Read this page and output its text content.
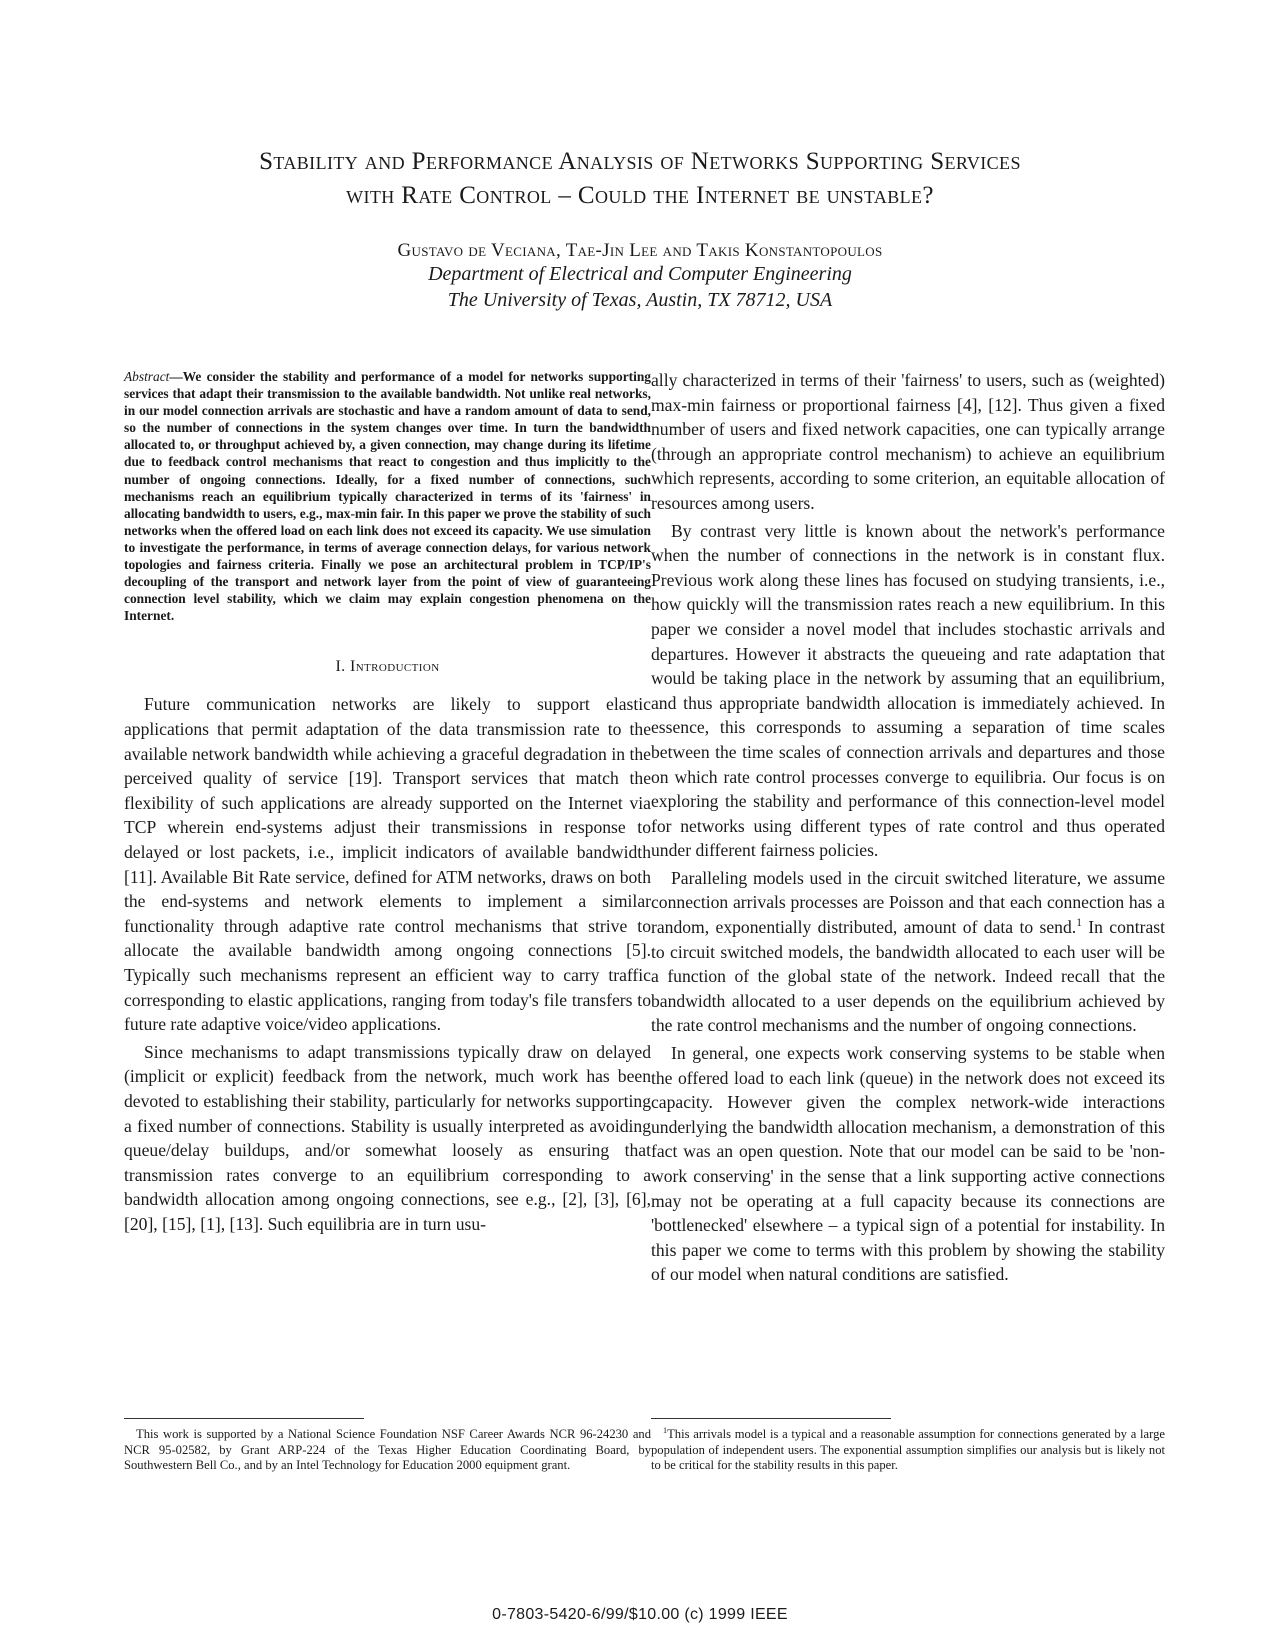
Stability and Performance Analysis of Networks Supporting Services
with Rate Control – Could the Internet be unstable?
Gustavo de Veciana, Tae-Jin Lee and Takis Konstantopoulos
Department of Electrical and Computer Engineering
The University of Texas, Austin, TX 78712, USA

Abstract—We consider the stability and performance of a model for networks supporting services that adapt their transmission to the available bandwidth. Not unlike real networks, in our model connection arrivals are stochastic and have a random amount of data to send, so the number of connections in the system changes over time. In turn the bandwidth allocated to, or throughput achieved by, a given connection, may change during its lifetime due to feedback control mechanisms that react to congestion and thus implicitly to the number of ongoing connections. Ideally, for a fixed number of connections, such mechanisms reach an equilibrium typically characterized in terms of its 'fairness' in allocating bandwidth to users, e.g., max-min fair. In this paper we prove the stability of such networks when the offered load on each link does not exceed its capacity. We use simulation to investigate the performance, in terms of average connection delays, for various network topologies and fairness criteria. Finally we pose an architectural problem in TCP/IP's decoupling of the transport and network layer from the point of view of guaranteeing connection level stability, which we claim may explain congestion phenomena on the Internet.

I. Introduction

Future communication networks are likely to support elastic applications that permit adaptation of the data transmission rate to the available network bandwidth while achieving a graceful degradation in the perceived quality of service [19]. Transport services that match the flexibility of such applications are already supported on the Internet via TCP wherein end-systems adjust their transmissions in response to delayed or lost packets, i.e., implicit indicators of available bandwidth [11]. Available Bit Rate service, defined for ATM networks, draws on both the end-systems and network elements to implement a similar functionality through adaptive rate control mechanisms that strive to allocate the available bandwidth among ongoing connections [5]. Typically such mechanisms represent an efficient way to carry traffic corresponding to elastic applications, ranging from today's file transfers to future rate adaptive voice/video applications.

Since mechanisms to adapt transmissions typically draw on delayed (implicit or explicit) feedback from the network, much work has been devoted to establishing their stability, particularly for networks supporting a fixed number of connections. Stability is usually interpreted as avoiding queue/delay buildups, and/or somewhat loosely as ensuring that transmission rates converge to an equilibrium corresponding to a bandwidth allocation among ongoing connections, see e.g., [2], [3], [6], [20], [15], [1], [13]. Such equilibria are in turn usu-

ally characterized in terms of their 'fairness' to users, such as (weighted) max-min fairness or proportional fairness [4], [12]. Thus given a fixed number of users and fixed network capacities, one can typically arrange (through an appropriate control mechanism) to achieve an equilibrium which represents, according to some criterion, an equitable allocation of resources among users.

By contrast very little is known about the network's performance when the number of connections in the network is in constant flux. Previous work along these lines has focused on studying transients, i.e., how quickly will the transmission rates reach a new equilibrium. In this paper we consider a novel model that includes stochastic arrivals and departures. However it abstracts the queueing and rate adaptation that would be taking place in the network by assuming that an equilibrium, and thus appropriate bandwidth allocation is immediately achieved. In essence, this corresponds to assuming a separation of time scales between the time scales of connection arrivals and departures and those on which rate control processes converge to equilibria. Our focus is on exploring the stability and performance of this connection-level model for networks using different types of rate control and thus operated under different fairness policies.

Paralleling models used in the circuit switched literature, we assume connection arrivals processes are Poisson and that each connection has a random, exponentially distributed, amount of data to send.$^1$ In contrast to circuit switched models, the bandwidth allocated to each user will be a function of the global state of the network. Indeed recall that the bandwidth allocated to a user depends on the equilibrium achieved by the rate control mechanisms and the number of ongoing connections.

In general, one expects work conserving systems to be stable when the offered load to each link (queue) in the network does not exceed its capacity. However given the complex network-wide interactions underlying the bandwidth allocation mechanism, a demonstration of this fact was an open question. Note that our model can be said to be 'non-work conserving' in the sense that a link supporting active connections may not be operating at a full capacity because its connections are 'bottlenecked' elsewhere – a typical sign of a potential for instability. In this paper we come to terms with this problem by showing the stability of our model when natural conditions are satisfied.

This work is supported by a National Science Foundation NSF Career Awards NCR 96-24230 and NCR 95-02582, by Grant ARP-224 of the Texas Higher Education Coordinating Board, by Southwestern Bell Co., and by an Intel Technology for Education 2000 equipment grant.

$^1$This arrivals model is a typical and a reasonable assumption for connections generated by a large population of independent users. The exponential assumption simplifies our analysis but is likely not to be critical for the stability results in this paper.

0-7803-5420-6/99/$10.00 (c) 1999 IEEE
